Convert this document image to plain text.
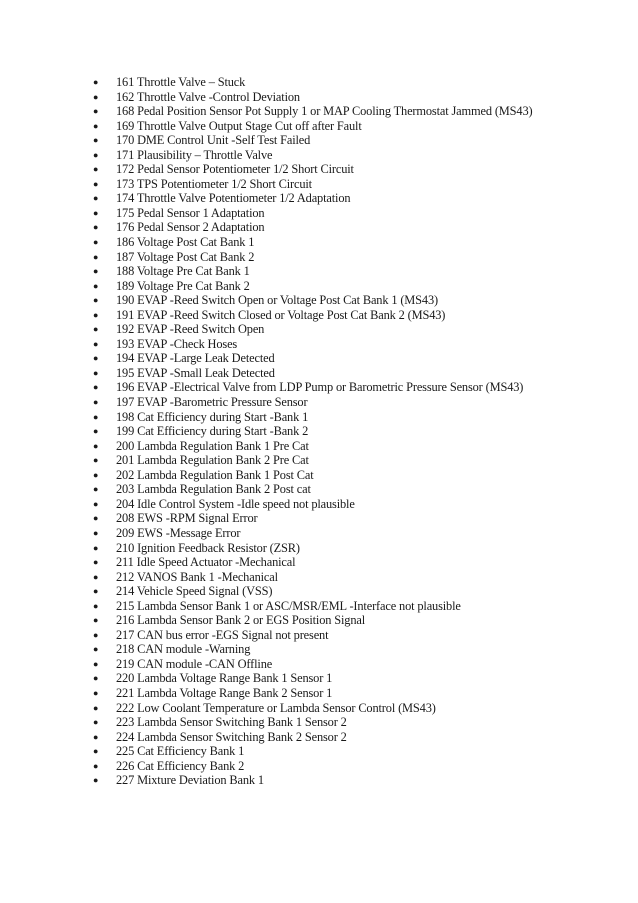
●	161 Throttle Valve – Stuck
●	162 Throttle Valve -Control Deviation
●	168 Pedal Position Sensor Pot Supply 1 or MAP Cooling Thermostat Jammed (MS43)
●	169 Throttle Valve Output Stage Cut off after Fault
●	170 DME Control Unit -Self Test Failed
●	171 Plausibility – Throttle Valve
●	172 Pedal Sensor Potentiometer 1/2 Short Circuit
●	173 TPS Potentiometer 1/2 Short Circuit
●	174 Throttle Valve Potentiometer 1/2 Adaptation
●	175 Pedal Sensor 1 Adaptation
●	176 Pedal Sensor 2 Adaptation
●	186 Voltage Post Cat Bank 1
●	187 Voltage Post Cat Bank 2
●	188 Voltage Pre Cat Bank 1
●	189 Voltage Pre Cat Bank 2
●	190 EVAP -Reed Switch Open or Voltage Post Cat Bank 1 (MS43)
●	191 EVAP -Reed Switch Closed or Voltage Post Cat Bank 2 (MS43)
●	192 EVAP -Reed Switch Open
●	193 EVAP -Check Hoses
●	194 EVAP -Large Leak Detected
●	195 EVAP -Small Leak Detected
●	196 EVAP -Electrical Valve from LDP Pump or Barometric Pressure Sensor (MS43)
●	197 EVAP -Barometric Pressure Sensor
●	198 Cat Efficiency during Start -Bank 1
●	199 Cat Efficiency during Start -Bank 2
●	200 Lambda Regulation Bank 1 Pre Cat
●	201 Lambda Regulation Bank 2 Pre Cat
●	202 Lambda Regulation Bank 1 Post Cat
●	203 Lambda Regulation Bank 2 Post cat
●	204 Idle Control System -Idle speed not plausible
●	208 EWS -RPM Signal Error
●	209 EWS -Message Error
●	210 Ignition Feedback Resistor (ZSR)
●	211 Idle Speed Actuator -Mechanical
●	212 VANOS Bank 1 -Mechanical
●	214 Vehicle Speed Signal (VSS)
●	215 Lambda Sensor Bank 1 or ASC/MSR/EML -Interface not plausible
●	216 Lambda Sensor Bank 2 or EGS Position Signal
●	217 CAN bus error -EGS Signal not present
●	218 CAN module -Warning
●	219 CAN module -CAN Offline
●	220 Lambda Voltage Range Bank 1 Sensor 1
●	221 Lambda Voltage Range Bank 2 Sensor 1
●	222 Low Coolant Temperature or Lambda Sensor Control (MS43)
●	223 Lambda Sensor Switching Bank 1 Sensor 2
●	224 Lambda Sensor Switching Bank 2 Sensor 2
●	225 Cat Efficiency Bank 1
●	226 Cat Efficiency Bank 2
●	227 Mixture Deviation Bank 1
